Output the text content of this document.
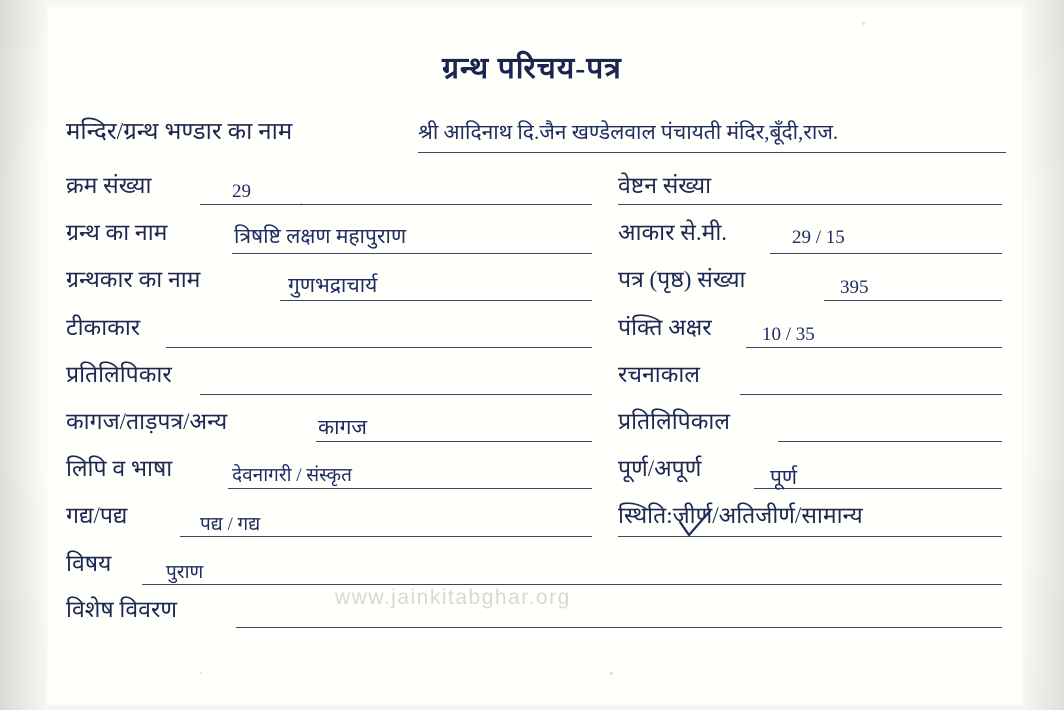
ग्रन्थ परिचय-पत्र
मन्दिर/ग्रन्थ भण्डार का नाम	श्री आदिनाथ दि.जैन खण्डेलवाल पंचायती मंदिर,बूँदी,राज.
क्रम संख्या	29
ग्रन्थ का नाम	त्रिषष्टि लक्षण महापुराण
ग्रन्थकार का नाम	गुणभद्राचार्य
टीकाकार
प्रतिलिपिकार
कागज/ताड़पत्र/अन्य	कागज
लिपि व भाषा	देवनागरी / संस्कृत
गद्य/पद्य	पद्य / गद्य
विषय	पुराण
विशेष विवरण
वेष्टन संख्या
आकार से.मी.	29 / 15
पत्र (पृष्ठ) संख्या	395
पंक्ति अक्षर	10 / 35
रचनाकाल
प्रतिलिपिकाल
पूर्ण/अपूर्ण	पूर्ण
स्थिति:जीर्ण/अतिजीर्ण/सामान्य
www.jainkitabghar.org
